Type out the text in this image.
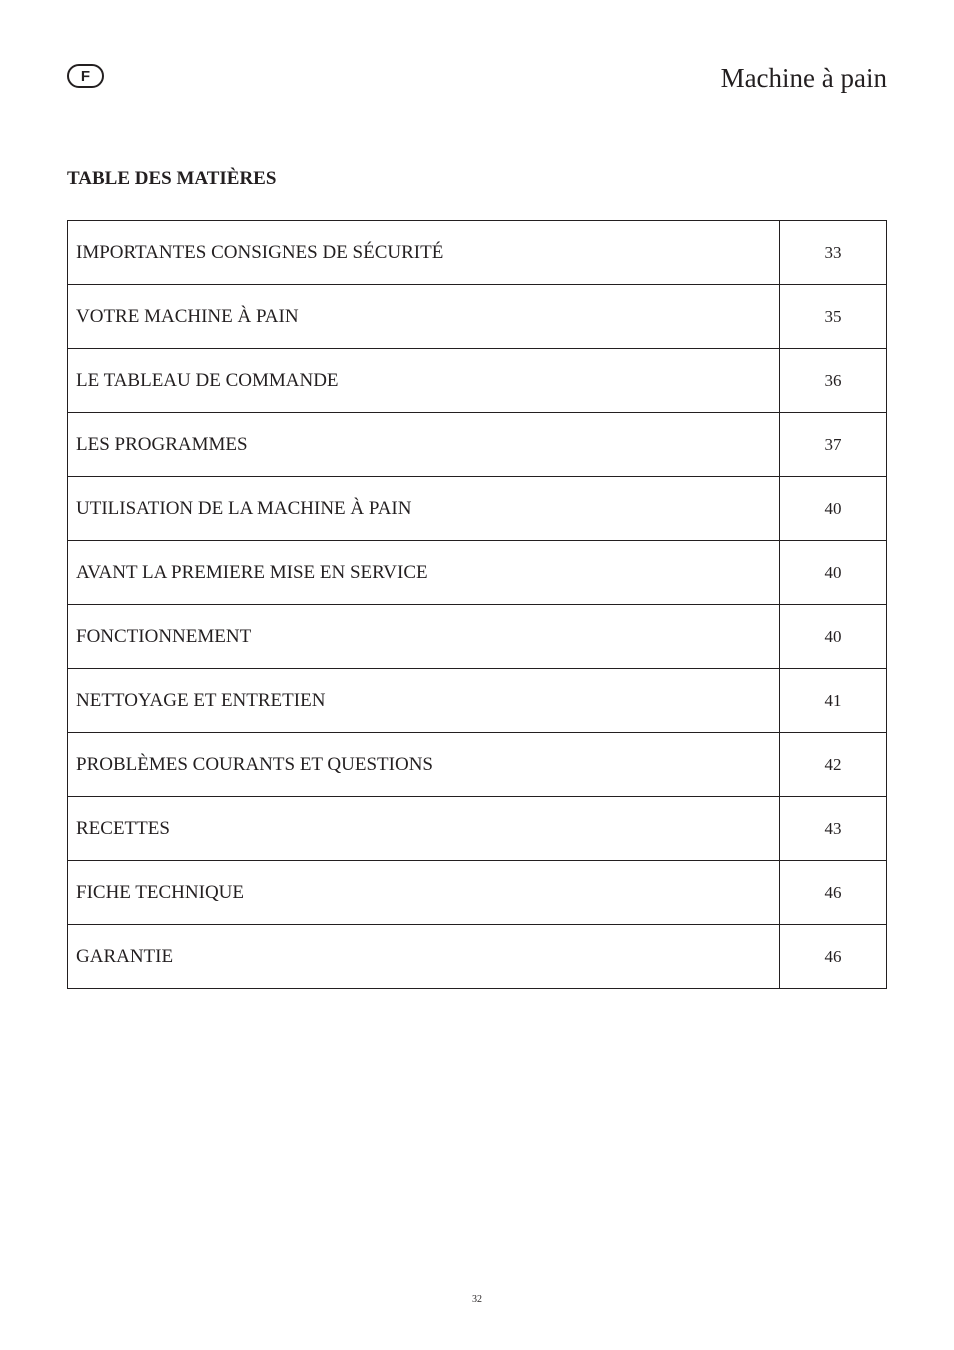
F	Machine à pain
TABLE DES MATIÈRES
IMPORTANTES CONSIGNES DE SÉCURITÉ	33
VOTRE MACHINE À PAIN	35
LE TABLEAU DE COMMANDE	36
LES PROGRAMMES	37
UTILISATION DE LA MACHINE À PAIN	40
AVANT LA PREMIERE MISE EN SERVICE	40
FONCTIONNEMENT	40
NETTOYAGE ET ENTRETIEN	41
PROBLÈMES COURANTS ET QUESTIONS	42
RECETTES	43
FICHE TECHNIQUE	46
GARANTIE	46
32
